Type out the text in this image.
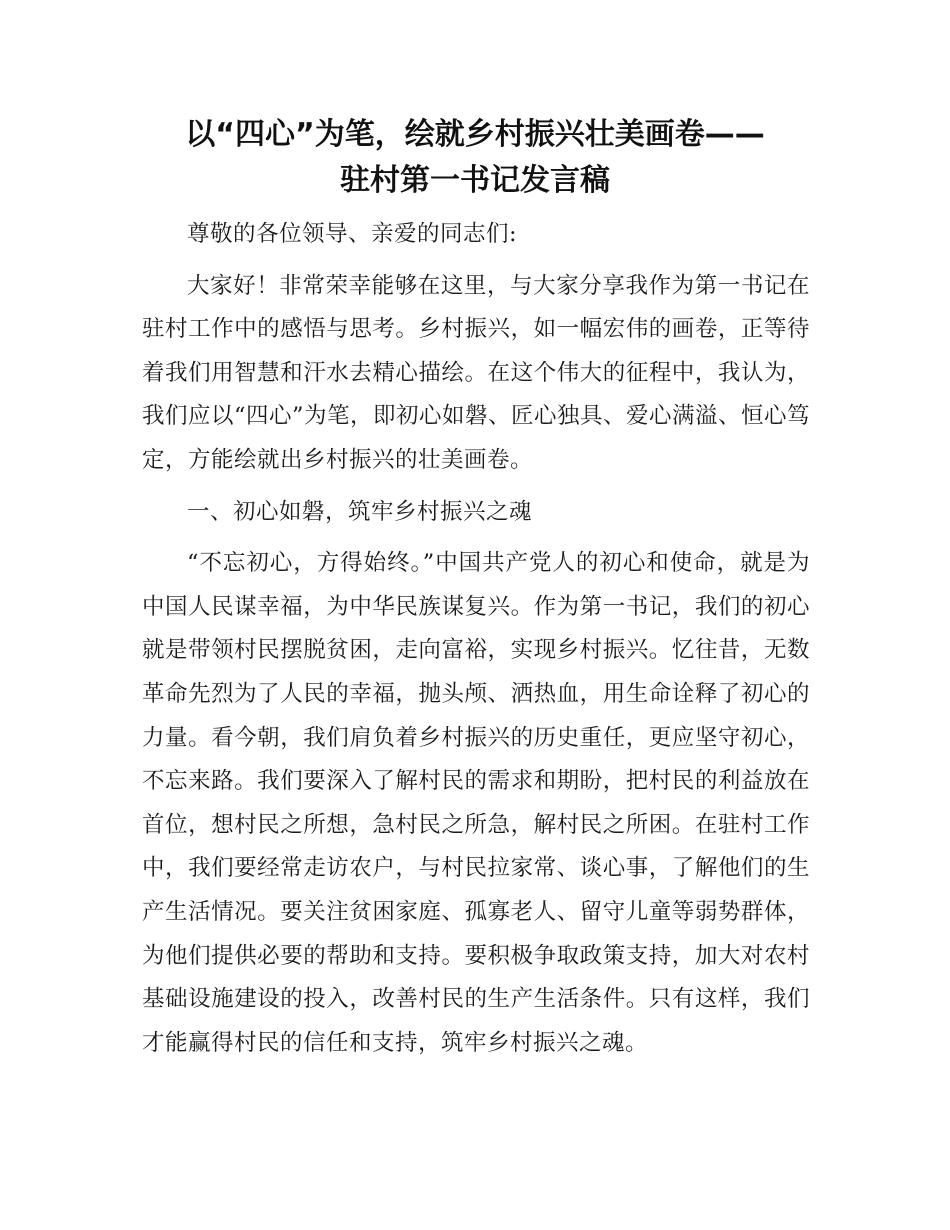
以“四心”为笔，绘就乡村振兴壮美画卷——
驻村第一书记发言稿

尊敬的各位领导、亲爱的同志们:

大家好！非常荣幸能够在这里，与大家分享我作为第一书记在驻村工作中的感悟与思考。乡村振兴，如一幅宏伟的画卷，正等待着我们用智慧和汗水去精心描绘。在这个伟大的征程中，我认为，我们应以“四心”为笔，即初心如磐、匠心独具、爱心满溢、恒心笃定，方能绘就出乡村振兴的壮美画卷。

一、初心如磐，筑牢乡村振兴之魂

“不忘初心，方得始终。”中国共产党人的初心和使命，就是为中国人民谋幸福，为中华民族谋复兴。作为第一书记，我们的初心就是带领村民摆脱贫困，走向富裕，实现乡村振兴。忆往昔，无数革命先烈为了人民的幸福，抛头颅、洒热血，用生命诠释了初心的力量。看今朝，我们肩负着乡村振兴的历史重任，更应坚守初心，不忘来路。我们要深入了解村民的需求和期盼，把村民的利益放在首位，想村民之所想，急村民之所急，解村民之所困。在驻村工作中，我们要经常走访农户，与村民拉家常、谈心事，了解他们的生产生活情况。要关注贫困家庭、孤寡老人、留守儿童等弱势群体，为他们提供必要的帮助和支持。要积极争取政策支持，加大对农村基础设施建设的投入，改善村民的生产生活条件。只有这样，我们才能赢得村民的信任和支持，筑牢乡村振兴之魂。
